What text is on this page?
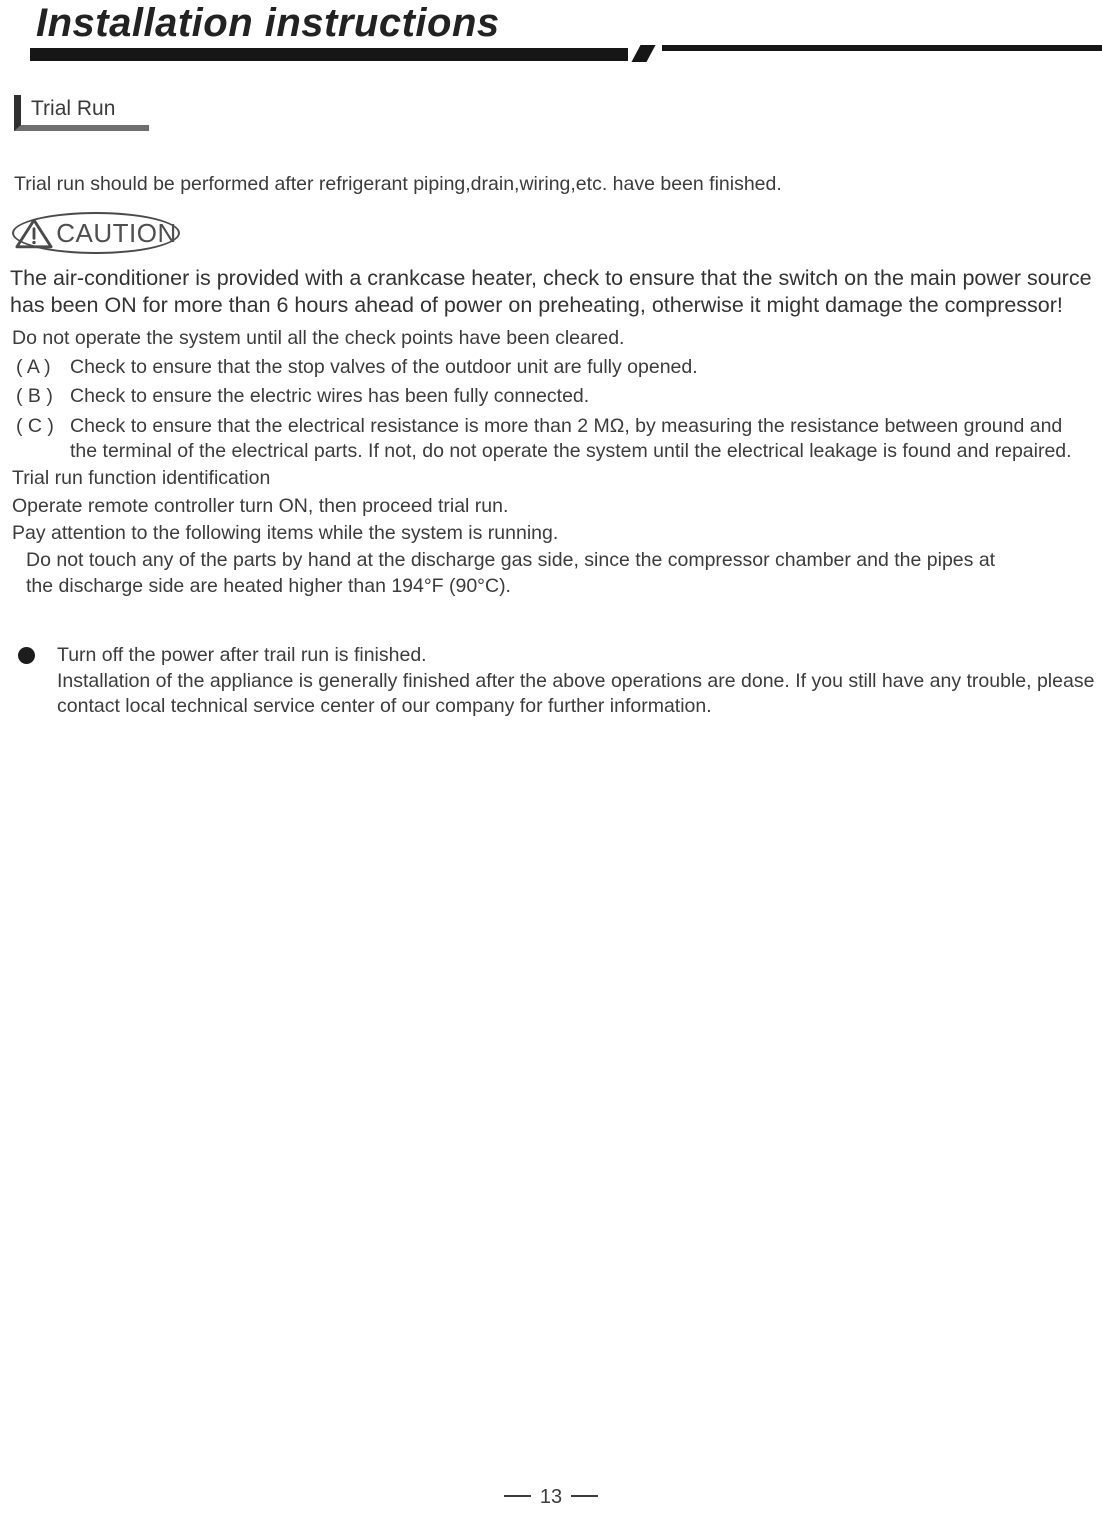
Installation instructions
Trial Run

Trial run should be performed after refrigerant piping,drain,wiring,etc. have been finished.

CAUTION

The air-conditioner is provided with a crankcase heater, check to ensure that the switch on the main power source has been ON for more than 6 hours ahead of power on preheating, otherwise it might damage the compressor!

Do not operate the system until all the check points have been cleared.

( A ) Check to ensure that the stop valves of the outdoor unit are fully opened.
( B ) Check to ensure the electric wires has been fully connected.
( C ) Check to ensure that the electrical resistance is more than 2 MΩ, by measuring the resistance between ground and the terminal of the electrical parts. If not, do not operate the system until the electrical leakage is found and repaired.

Trial run function identification

Operate remote controller turn ON, then proceed trial run.

Pay attention to the following items while the system is running.

Do not touch any of the parts by hand at the discharge gas side, since the compressor chamber and the pipes at the discharge side are heated higher than 194°F (90°C).

Turn off the power after trail run is finished.

Installation of the appliance is generally finished after the above operations are done. If you still have any trouble, please contact local technical service center of our company for further information.

13
